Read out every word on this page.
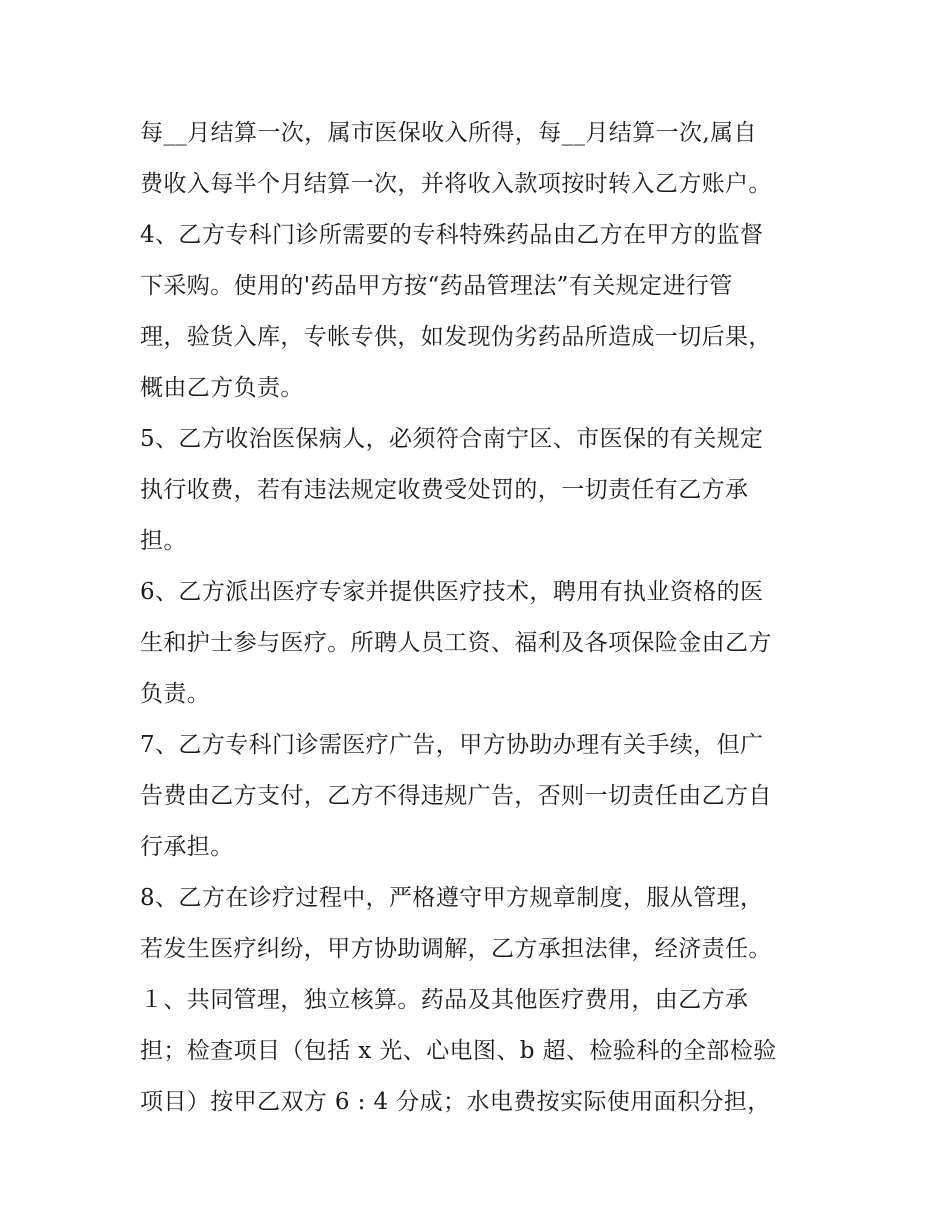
每__月结算一次，属市医保收入所得，每__月结算一次,属自
费收入每半个月结算一次，并将收入款项按时转入乙方账户。
4、乙方专科门诊所需要的专科特殊药品由乙方在甲方的监督
下采购。使用的'药品甲方按“药品管理法”有关规定进行管
理，验货入库，专帐专供，如发现伪劣药品所造成一切后果，
概由乙方负责。
5、乙方收治医保病人，必须符合南宁区、市医保的有关规定
执行收费，若有违法规定收费受处罚的，一切责任有乙方承
担。
6、乙方派出医疗专家并提供医疗技术，聘用有执业资格的医
生和护士参与医疗。所聘人员工资、福利及各项保险金由乙方
负责。
7、乙方专科门诊需医疗广告，甲方协助办理有关手续，但广
告费由乙方支付，乙方不得违规广告，否则一切责任由乙方自
行承担。
8、乙方在诊疗过程中，严格遵守甲方规章制度，服从管理，
若发生医疗纠纷，甲方协助调解，乙方承担法律，经济责任。
１、共同管理，独立核算。药品及其他医疗费用，由乙方承
担；检查项目（包括 x 光、心电图、b 超、检验科的全部检验
项目）按甲乙双方 6 : 4 分成；水电费按实际使用面积分担，
